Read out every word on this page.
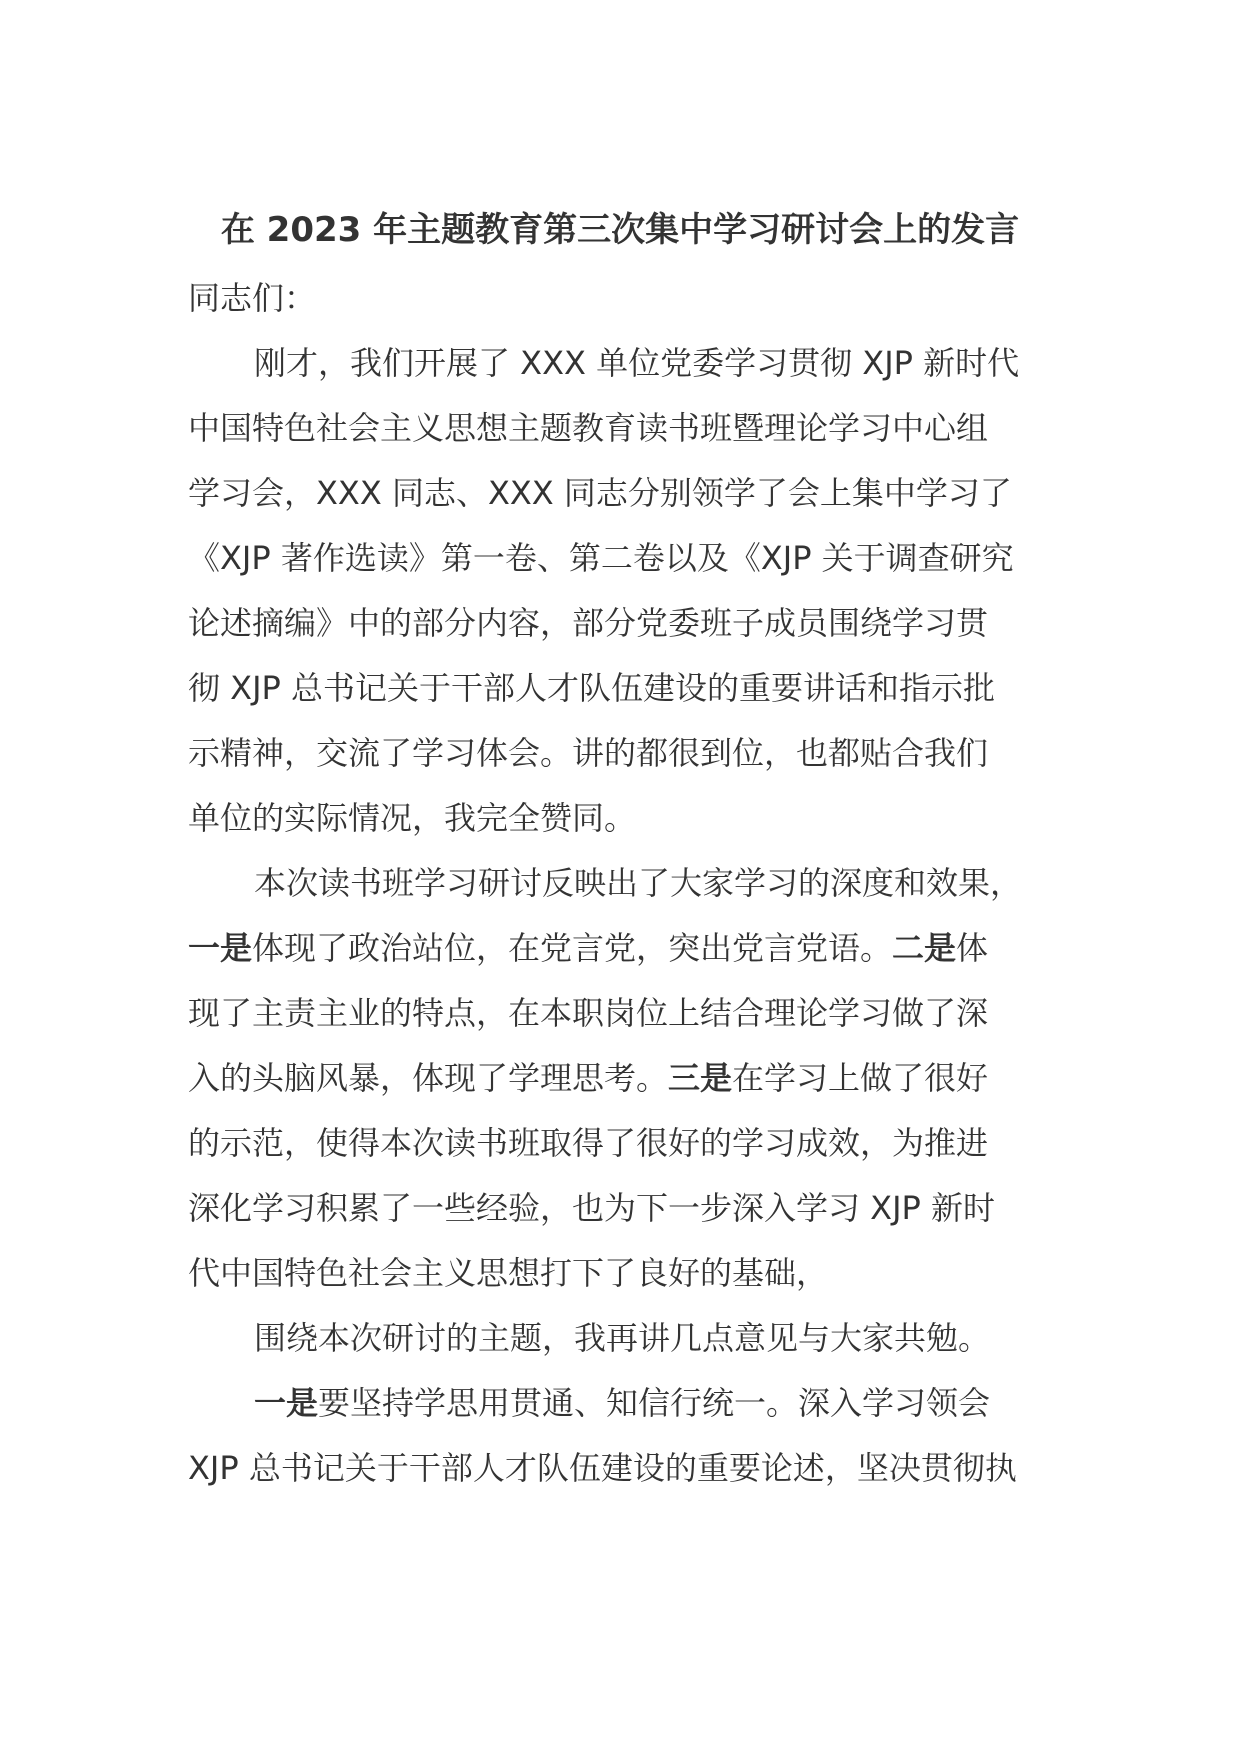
在 2023 年主题教育第三次集中学习研讨会上的发言

同志们：

刚才，我们开展了 XXX 单位党委学习贯彻 XJP 新时代

中国特色社会主义思想主题教育读书班暨理论学习中心组

学习会，XXX 同志、XXX 同志分别领学了会上集中学习了

《XJP 著作选读》第一卷、第二卷以及《XJP 关于调查研究

论述摘编》中的部分内容，部分党委班子成员围绕学习贯

彻 XJP 总书记关于干部人才队伍建设的重要讲话和指示批

示精神，交流了学习体会。讲的都很到位，也都贴合我们

单位的实际情况，我完全赞同。

本次读书班学习研讨反映出了大家学习的深度和效果，

一是体现了政治站位，在党言党，突出党言党语。二是体

现了主责主业的特点，在本职岗位上结合理论学习做了深

入的头脑风暴，体现了学理思考。三是在学习上做了很好

的示范，使得本次读书班取得了很好的学习成效，为推进

深化学习积累了一些经验，也为下一步深入学习 XJP 新时

代中国特色社会主义思想打下了良好的基础，

围绕本次研讨的主题，我再讲几点意见与大家共勉。

一是要坚持学思用贯通、知信行统一。深入学习领会

XJP 总书记关于干部人才队伍建设的重要论述，坚决贯彻执
